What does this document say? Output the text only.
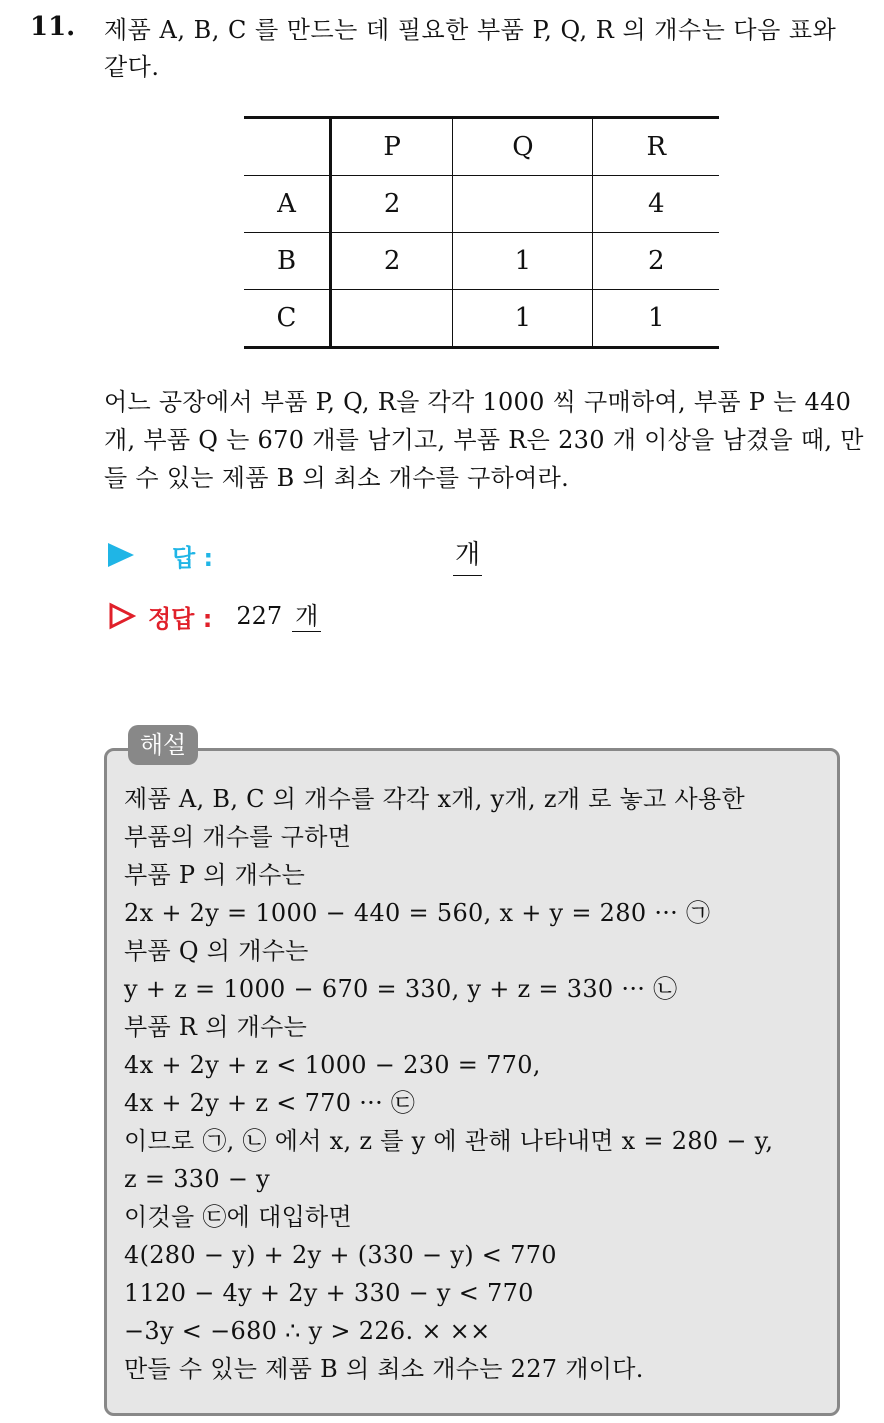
11. 제품 A, B, C 를 만드는 데 필요한 부품 P, Q, R 의 개수는 다음 표와 같다.
	P	Q	R
A	2		4
B	2	1	2
C		1	1
어느 공장에서 부품 P, Q, R을 각각 1000 씩 구매하여, 부품 P 는 440 개, 부품 Q 는 670 개를 남기고, 부품 R은 230 개 이상을 남겼을 때, 만들 수 있는 제품 B 의 최소 개수를 구하여라.
답 :	개
정답 : 227 개
해설
제품 A, B, C 의 개수를 각각 x개, y개, z개 로 놓고 사용한
부품의 개수를 구하면
부품 P 의 개수는
2x + 2y = 1000 − 440 = 560, x + y = 280 ··· ㉠
부품 Q 의 개수는
y + z = 1000 − 670 = 330, y + z = 330 ··· ㉡
부품 R 의 개수는
4x + 2y + z < 1000 − 230 = 770,
4x + 2y + z < 770 ··· ㉢
이므로 ㉠, ㉡ 에서 x, z 를 y 에 관해 나타내면 x = 280 − y,
z = 330 − y
이것을 ㉢에 대입하면
4(280 − y) + 2y + (330 − y) < 770
1120 − 4y + 2y + 330 − y < 770
−3y < −680 ∴ y > 226. × ××
만들 수 있는 제품 B 의 최소 개수는 227 개이다.
